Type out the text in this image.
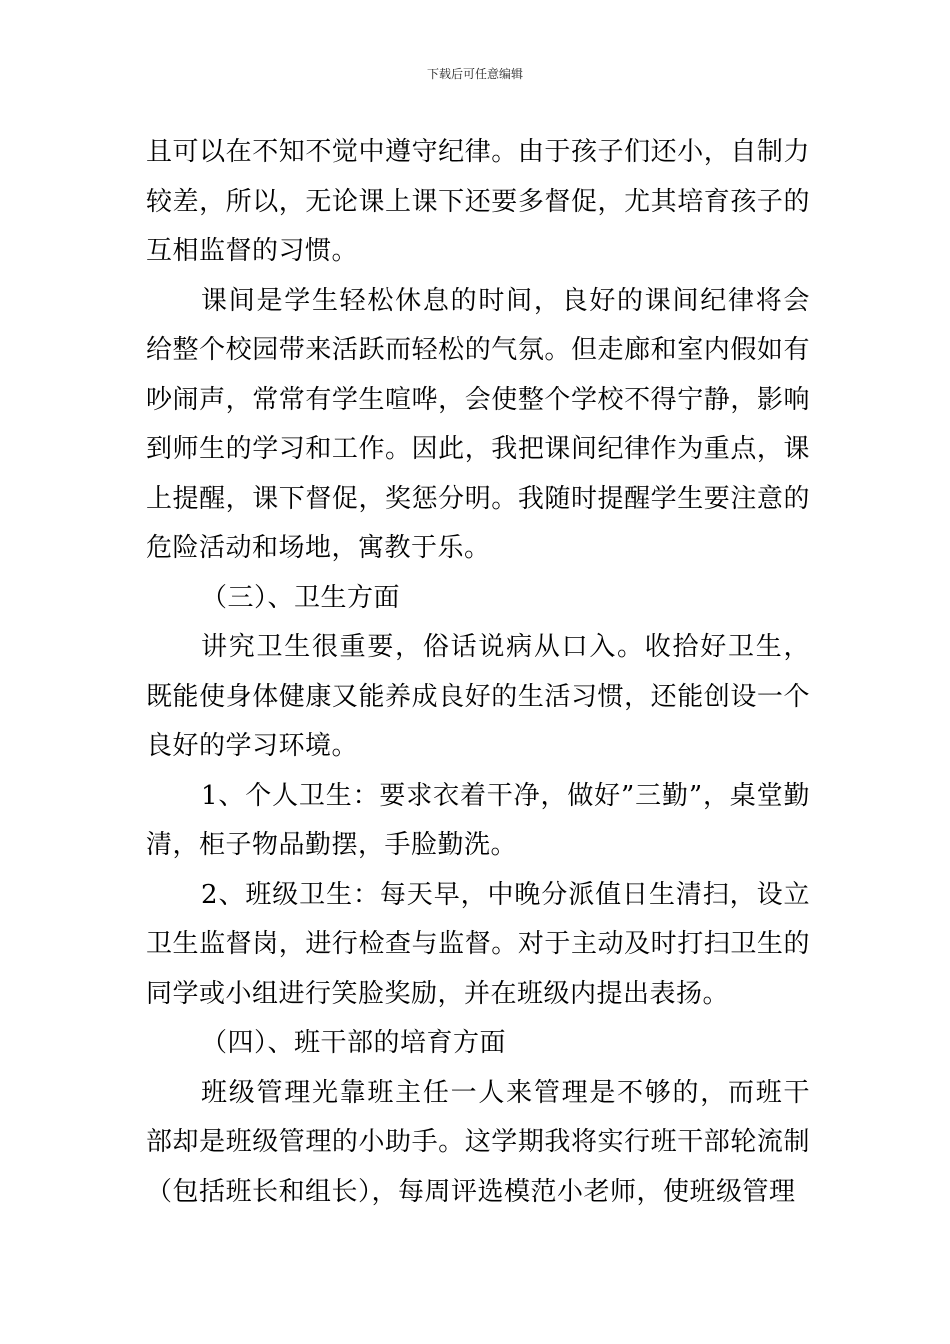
下载后可任意编辑

且可以在不知不觉中遵守纪律。由于孩子们还小，自制力较差，所以，无论课上课下还要多督促，尤其培育孩子的互相监督的习惯。

课间是学生轻松休息的时间，良好的课间纪律将会给整个校园带来活跃而轻松的气氛。但走廊和室内假如有吵闹声，常常有学生喧哗，会使整个学校不得宁静，影响到师生的学习和工作。因此，我把课间纪律作为重点，课上提醒，课下督促，奖惩分明。我随时提醒学生要注意的危险活动和场地，寓教于乐。

（三）、卫生方面

讲究卫生很重要，俗话说病从口入。收拾好卫生，既能使身体健康又能养成良好的生活习惯，还能创设一个良好的学习环境。

1、个人卫生：要求衣着干净，做好”三勤”，桌堂勤清，柜子物品勤摆，手脸勤洗。

2、班级卫生：每天早，中晚分派值日生清扫，设立卫生监督岗，进行检查与监督。对于主动及时打扫卫生的同学或小组进行笑脸奖励，并在班级内提出表扬。

（四）、班干部的培育方面

班级管理光靠班主任一人来管理是不够的，而班干部却是班级管理的小助手。这学期我将实行班干部轮流制（包括班长和组长），每周评选模范小老师，使班级管理
